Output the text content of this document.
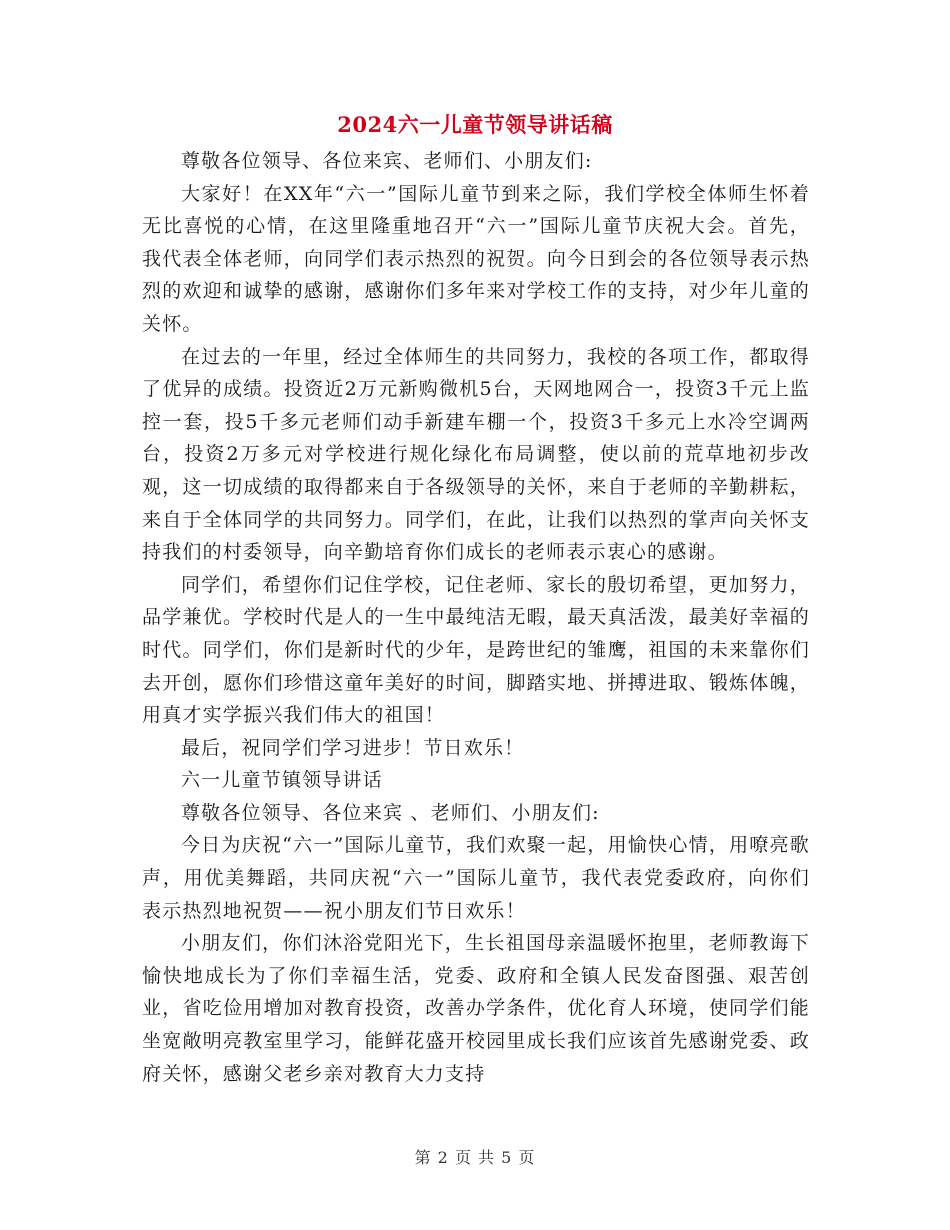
2024六一儿童节领导讲话稿

尊敬各位领导、各位来宾、老师们、小朋友们:

大家好！在XX年“六一”国际儿童节到来之际，我们学校全体师生怀着无比喜悦的心情，在这里隆重地召开“六一”国际儿童节庆祝大会。首先，我代表全体老师，向同学们表示热烈的祝贺。向今日到会的各位领导表示热烈的欢迎和诚挚的感谢，感谢你们多年来对学校工作的支持，对少年儿童的关怀。

在过去的一年里，经过全体师生的共同努力，我校的各项工作，都取得了优异的成绩。投资近2万元新购微机5台，天网地网合一，投资3千元上监控一套，投5千多元老师们动手新建车棚一个，投资3千多元上水冷空调两台，投资2万多元对学校进行规化绿化布局调整，使以前的荒草地初步改观，这一切成绩的取得都来自于各级领导的关怀，来自于老师的辛勤耕耘，来自于全体同学的共同努力。同学们，在此，让我们以热烈的掌声向关怀支持我们的村委领导，向辛勤培育你们成长的老师表示衷心的感谢。

同学们，希望你们记住学校，记住老师、家长的殷切希望，更加努力，品学兼优。学校时代是人的一生中最纯洁无暇，最天真活泼，最美好幸福的时代。同学们，你们是新时代的少年，是跨世纪的雏鹰，祖国的未来靠你们去开创，愿你们珍惜这童年美好的时间，脚踏实地、拼搏进取、锻炼体魄，用真才实学振兴我们伟大的祖国！

最后，祝同学们学习进步！节日欢乐！

六一儿童节镇领导讲话

尊敬各位领导、各位来宾 、老师们、小朋友们:

今日为庆祝“六一”国际儿童节，我们欢聚一起，用愉快心情，用嘹亮歌声，用优美舞蹈，共同庆祝“六一”国际儿童节，我代表党委政府，向你们表示热烈地祝贺——祝小朋友们节日欢乐！

小朋友们，你们沐浴党阳光下，生长祖国母亲温暖怀抱里，老师教诲下愉快地成长为了你们幸福生活，党委、政府和全镇人民发奋图强、艰苦创业，省吃俭用增加对教育投资，改善办学条件，优化育人环境，使同学们能坐宽敞明亮教室里学习，能鲜花盛开校园里成长我们应该首先感谢党委、政府关怀，感谢父老乡亲对教育大力支持

第 2 页 共 5 页
